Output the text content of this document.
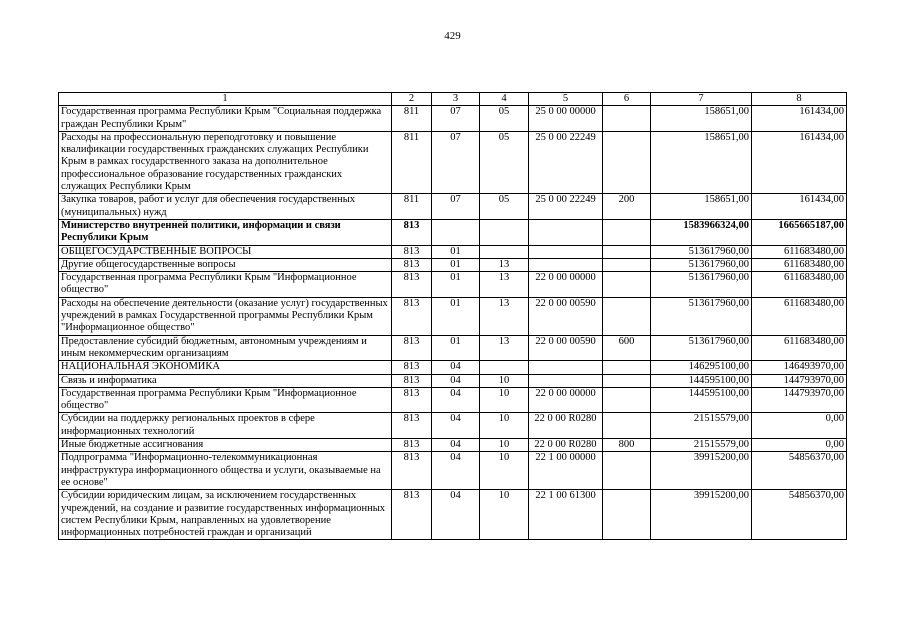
429
1	2	3	4	5	6	7	8
Государственная программа Республики Крым "Социальная поддержка граждан Республики Крым"	811	07	05	25 0 00 00000		158651,00	161434,00
Расходы на профессиональную переподготовку и повышение квалификации государственных гражданских служащих Республики Крым в рамках государственного заказа на дополнительное профессиональное образование государственных гражданских служащих Республики Крым	811	07	05	25 0 00 22249		158651,00	161434,00
Закупка товаров, работ и услуг для обеспечения государственных (муниципальных) нужд	811	07	05	25 0 00 22249	200	158651,00	161434,00
Министерство внутренней политики, информации и связи Республики Крым	813					1583966324,00	1665665187,00
ОБЩЕГОСУДАРСТВЕННЫЕ ВОПРОСЫ	813	01				513617960,00	611683480,00
Другие общегосударственные вопросы	813	01	13			513617960,00	611683480,00
Государственная программа Республики Крым "Информационное общество"	813	01	13	22 0 00 00000		513617960,00	611683480,00
Расходы на обеспечение деятельности (оказание услуг) государственных учреждений в рамках Государственной программы Республики Крым "Информационное общество"	813	01	13	22 0 00 00590		513617960,00	611683480,00
Предоставление субсидий бюджетным, автономным учреждениям и иным некоммерческим организациям	813	01	13	22 0 00 00590	600	513617960,00	611683480,00
НАЦИОНАЛЬНАЯ ЭКОНОМИКА	813	04				146295100,00	146493970,00
Связь и информатика	813	04	10			144595100,00	144793970,00
Государственная программа Республики Крым "Информационное общество"	813	04	10	22 0 00 00000		144595100,00	144793970,00
Субсидии на поддержку региональных проектов в сфере информационных технологий	813	04	10	22 0 00 R0280		21515579,00	0,00
Иные бюджетные ассигнования	813	04	10	22 0 00 R0280	800	21515579,00	0,00
Подпрограмма "Информационно-телекоммуникационная инфраструктура информационного общества и услуги, оказываемые на ее основе"	813	04	10	22 1 00 00000		39915200,00	54856370,00
Субсидии юридическим лицам, за исключением государственных учреждений, на создание и развитие государственных информационных систем Республики Крым, направленных на удовлетворение информационных потребностей граждан и организаций	813	04	10	22 1 00 61300		39915200,00	54856370,00
